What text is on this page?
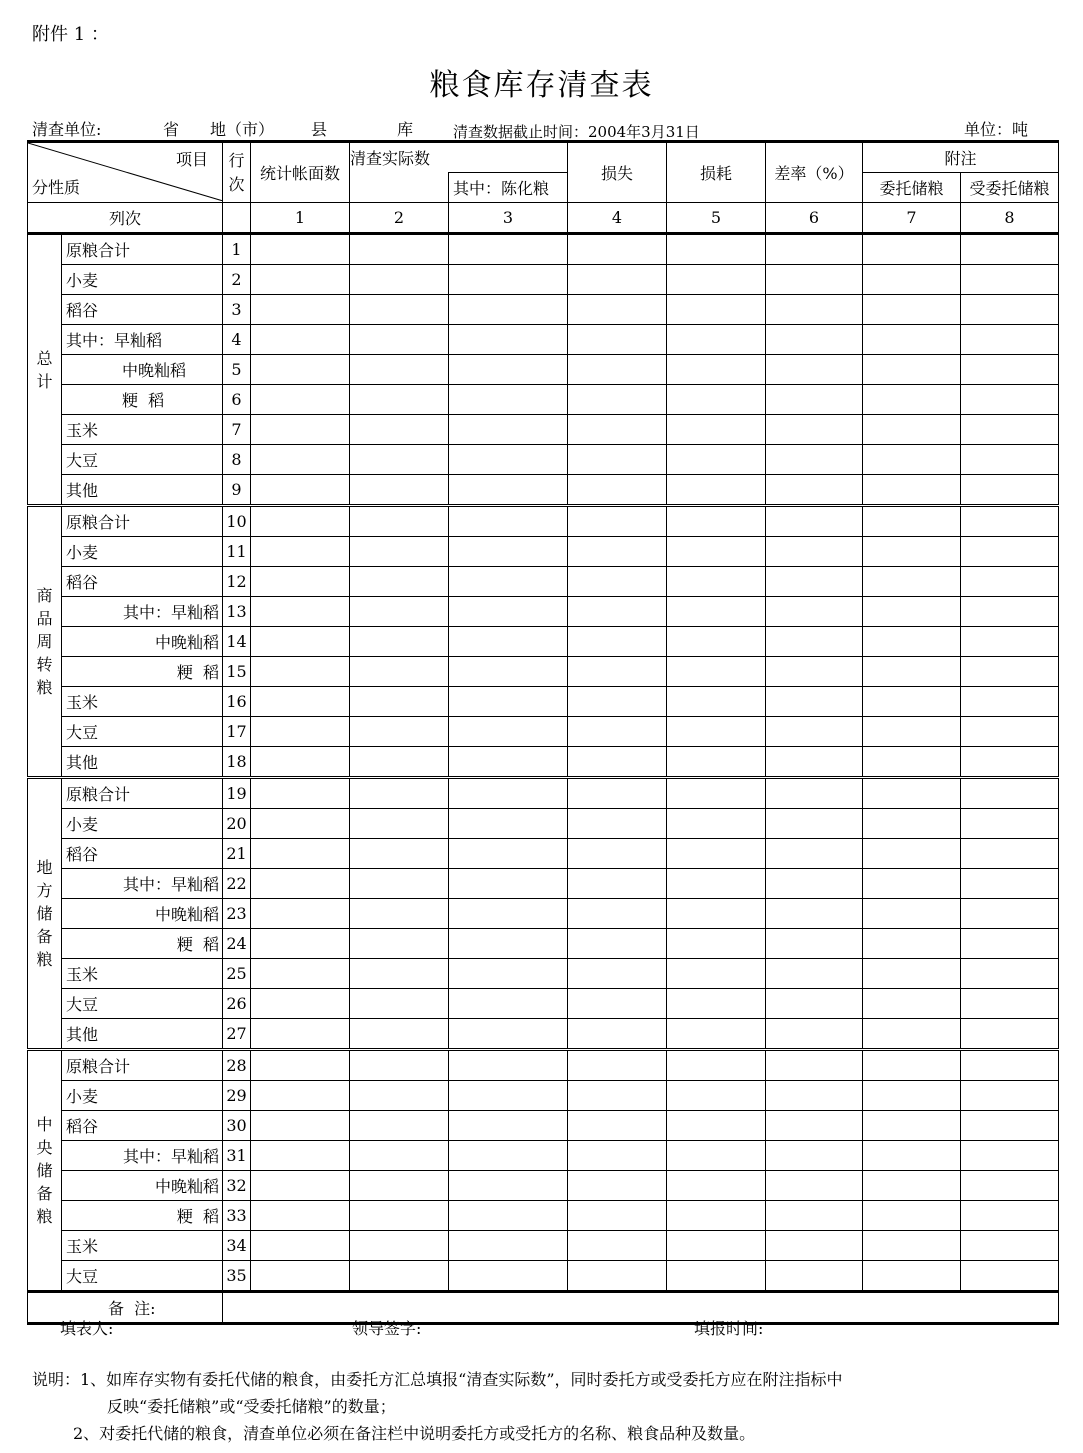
附件 1 ：
粮食库存清查表
清查单位:	省 地（市） 县	库	清查数据截止时间：2004年3月31日	单位：吨
项目
分性质		行次	统计帐面数	清查实际数		损失	损耗	差率（%）	附注	
					其中：陈化粮				委托储粮	受委托储粮
列次			1	2	3	4	5	6	7	8
总计	原粮合计	1								
	小麦	2								
	稻谷	3								
	其中：早籼稻	4								
	中晚籼稻	5								
	粳  稻	6								
	玉米	7								
	大豆	8								
	其他	9								
商品周转粮	原粮合计	10								
	小麦	11								
	稻谷	12								
	其中：早籼稻	13								
	中晚籼稻	14								
	粳  稻	15								
	玉米	16								
	大豆	17								
	其他	18								
地方储备粮	原粮合计	19								
	小麦	20								
	稻谷	21								
	其中：早籼稻	22								
	中晚籼稻	23								
	粳  稻	24								
	玉米	25								
	大豆	26								
	其他	27								
中央储备粮	原粮合计	28								
	小麦	29								
	稻谷	30								
	其中：早籼稻	31								
	中晚籼稻	32								
	粳  稻	33								
	玉米	34								
	大豆	35								
备  注:										
填表人:	领导签字:	填报时间:
说明：1、如库存实物有委托代储的粮食，由委托方汇总填报“清查实际数”，同时委托方或受委托方应在附注指标中
反映“委托储粮”或“受委托储粮”的数量；
2、对委托代储的粮食，清查单位必须在备注栏中说明委托方或受托方的名称、粮食品种及数量。
